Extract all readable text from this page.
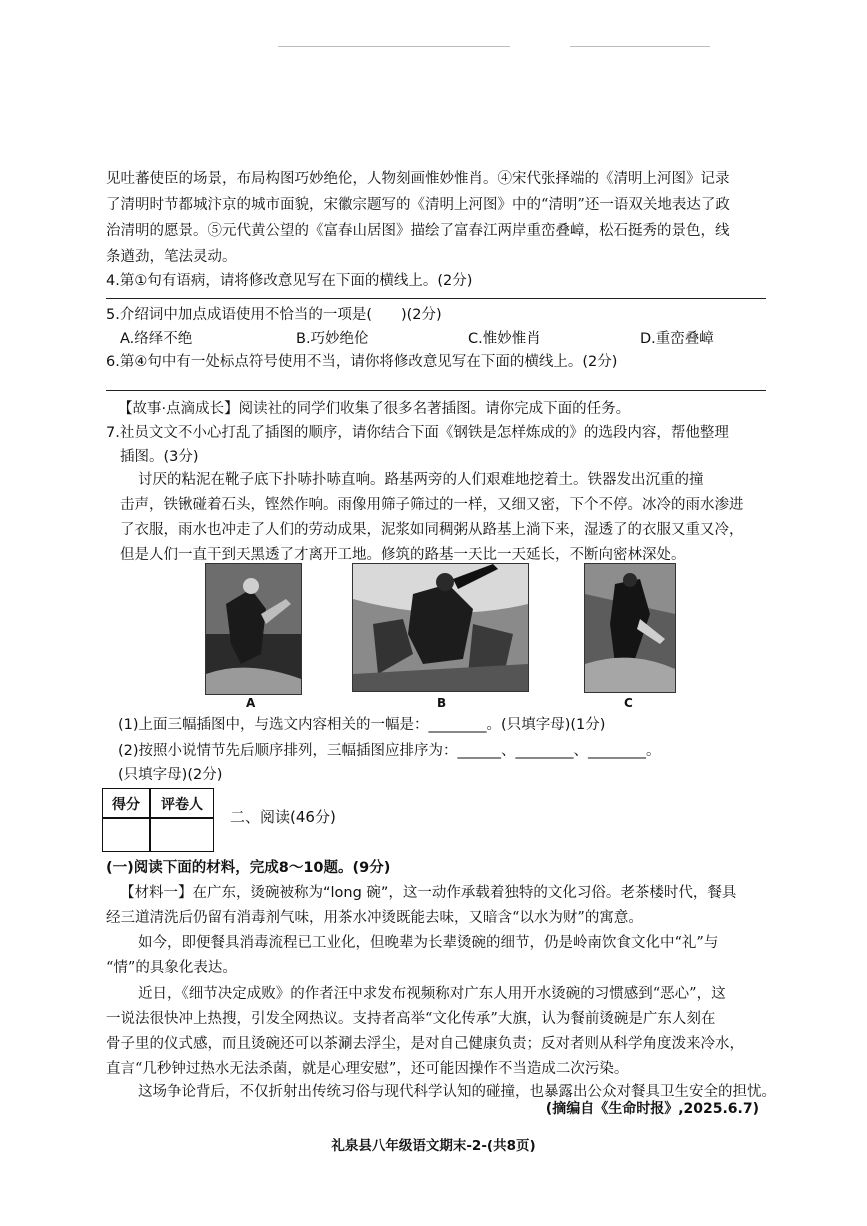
见吐蕃使臣的场景，布局构图巧妙绝伦，人物刻画惟妙惟肖。④宋代张择端的《清明上河图》记录
了清明时节都城汴京的城市面貌，宋徽宗题写的《清明上河图》中的“清明”还一语双关地表达了政
治清明的愿景。⑤元代黄公望的《富春山居图》描绘了富春江两岸重峦叠嶂，松石挺秀的景色，线
条遒劲，笔法灵动。
4.第①句有语病，请将修改意见写在下面的横线上。(2分)
5.介绍词中加点成语使用不恰当的一项是(　　)(2分)
A.络绎不绝	B.巧妙绝伦	C.惟妙惟肖	D.重峦叠嶂
6.第④句中有一处标点符号使用不当，请你将修改意见写在下面的横线上。(2分)
【故事·点滴成长】阅读社的同学们收集了很多名著插图。请你完成下面的任务。
7.社员文文不小心打乱了插图的顺序，请你结合下面《钢铁是怎样炼成的》的选段内容，帮他整理
插图。(3分)
讨厌的粘泥在靴子底下扑哧扑哧直响。路基两旁的人们艰难地挖着土。铁器发出沉重的撞
击声，铁锹碰着石头，铿然作响。雨像用筛子筛过的一样，又细又密，下个不停。冰冷的雨水渗进
了衣服，雨水也冲走了人们的劳动成果，泥浆如同稠粥从路基上淌下来，湿透了的衣服又重又冷，
但是人们一直干到天黑透了才离开工地。修筑的路基一天比一天延长，不断向密林深处。
A	B	C
(1)上面三幅插图中，与选文内容相关的一幅是：________。(只填字母)(1分)
(2)按照小说情节先后顺序排列，三幅插图应排序为：______、________、________。
(只填字母)(2分)
得分	评卷人
二、阅读(46分)
(一)阅读下面的材料，完成8～10题。(9分)
【材料一】在广东，烫碗被称为“long 碗”，这一动作承载着独特的文化习俗。老茶楼时代，餐具
经三道清洗后仍留有消毒剂气味，用茶水冲烫既能去味，又暗含“以水为财”的寓意。
如今，即便餐具消毒流程已工业化，但晚辈为长辈烫碗的细节，仍是岭南饮食文化中“礼”与
“情”的具象化表达。
近日，《细节决定成败》的作者汪中求发布视频称对广东人用开水烫碗的习惯感到“恶心”，这
一说法很快冲上热搜，引发全网热议。支持者高举“文化传承”大旗，认为餐前烫碗是广东人刻在
骨子里的仪式感，而且烫碗还可以茶涮去浮尘，是对自己健康负责；反对者则从科学角度泼来冷水，
直言“几秒钟过热水无法杀菌，就是心理安慰”，还可能因操作不当造成二次污染。
这场争论背后，不仅折射出传统习俗与现代科学认知的碰撞，也暴露出公众对餐具卫生安全的担忧。
(摘编自《生命时报》,2025.6.7)
礼泉县八年级语文期末-2-(共8页)
